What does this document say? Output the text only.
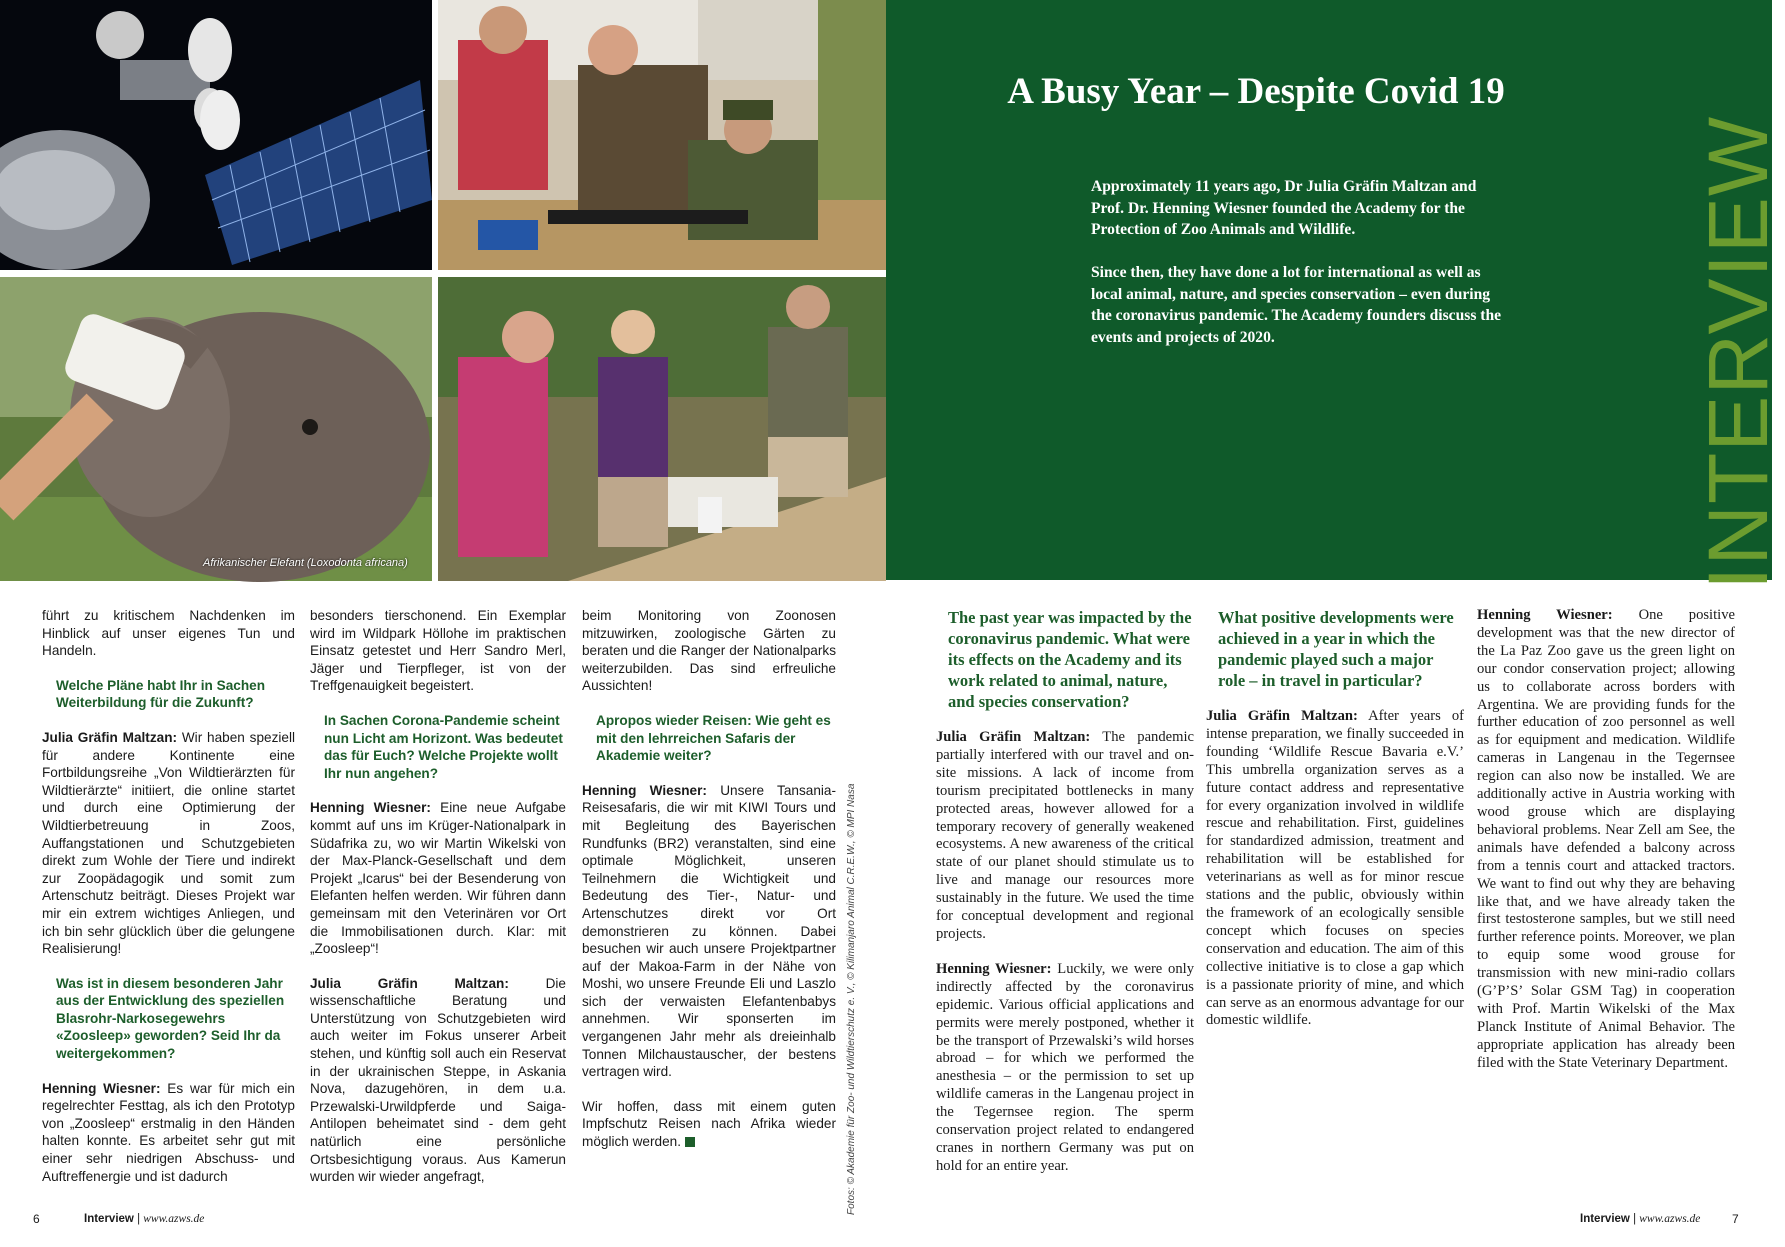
Afrikanischer Elefant (Loxodonta africana)

führt zu kritischem Nachdenken im Hinblick auf unser eigenes Tun und Handeln.

Welche Pläne habt Ihr in Sachen Weiterbildung für die Zukunft?

Julia Gräfin Maltzan: Wir haben speziell für andere Kontinente eine Fortbildungsreihe „Von Wildtierärzten für Wildtierärzte“ initiiert, die online startet und durch eine Optimierung der Wildtierbetreuung in Zoos, Auffangstationen und Schutzgebieten direkt zum Wohle der Tiere und indirekt zur Zoopädagogik und somit zum Artenschutz beiträgt. Dieses Projekt war mir ein extrem wichtiges Anliegen, und ich bin sehr glücklich über die gelungene Realisierung!

Was ist in diesem besonderen Jahr aus der Entwicklung des speziellen Blasrohr-Narkosegewehrs «Zoosleep» geworden? Seid Ihr da weitergekommen?

Henning Wiesner: Es war für mich ein regelrechter Festtag, als ich den Prototyp von „Zoosleep“ erstmalig in den Händen halten konnte. Es arbeitet sehr gut mit einer sehr niedrigen Abschuss- und Auftreffenergie und ist dadurch

besonders tierschonend. Ein Exemplar wird im Wildpark Höllohe im praktischen Einsatz getestet und Herr Sandro Merl, Jäger und Tierpfleger, ist von der Treffgenauigkeit begeistert.

In Sachen Corona-Pandemie scheint nun Licht am Horizont. Was bedeutet das für Euch? Welche Projekte wollt Ihr nun angehen?

Henning Wiesner: Eine neue Aufgabe kommt auf uns im Krüger-Nationalpark in Südafrika zu, wo wir Martin Wikelski von der Max-Planck-Gesellschaft und dem Projekt „Icarus“ bei der Besenderung von Elefanten helfen werden. Wir führen dann gemeinsam mit den Veterinären vor Ort die Immobilisationen durch. Klar: mit „Zoosleep“!

Julia Gräfin Maltzan: Die wissenschaftliche Beratung und Unterstützung von Schutzgebieten wird auch weiter im Fokus unserer Arbeit stehen, und künftig soll auch ein Reservat in der ukrainischen Steppe, in Askania Nova, dazugehören, in dem u.a. Przewalski-Urwildpferde und Saiga-Antilopen beheimatet sind - dem geht natürlich eine persönliche Ortsbesichtigung voraus. Aus Kamerun wurden wir wieder angefragt,

beim Monitoring von Zoonosen mitzuwirken, zoologische Gärten zu beraten und die Ranger der Nationalparks weiterzubilden. Das sind erfreuliche Aussichten!

Apropos wieder Reisen: Wie geht es mit den lehrreichen Safaris der Akademie weiter?

Henning Wiesner: Unsere Tansania-Reisesafaris, die wir mit KIWI Tours und mit Begleitung des Bayerischen Rundfunks (BR2) veranstalten, sind eine optimale Möglichkeit, unseren Teilnehmern die Wichtigkeit und Bedeutung des Tier-, Natur- und Artenschutzes direkt vor Ort demonstrieren zu können. Dabei besuchen wir auch unsere Projektpartner auf der Makoa-Farm in der Nähe von Moshi, wo unsere Freunde Eli und Laszlo sich der verwaisten Elefantenbabys annehmen. Wir sponserten im vergangenen Jahr mehr als dreieinhalb Tonnen Milchaustauscher, der bestens vertragen wird.

Wir hoffen, dass mit einem guten Impfschutz Reisen nach Afrika wieder möglich werden.	Fotos: © Akademie für Zoo- und Wildtierschutz e. V., © Kilimanjaro Animal C.R.E.W., © MPI Nasa
6	Interview | www.azws.de
A Busy Year – Despite Covid 19

Approximately 11 years ago, Dr Julia Gräfin Maltzan and Prof. Dr. Henning Wiesner founded the Academy for the Protection of Zoo Animals and Wildlife.

Since then, they have done a lot for international as well as local animal, nature, and species conservation – even during the coronavirus pandemic. The Academy founders discuss the events and projects of 2020.	INTERVIEW

The past year was impacted by the coronavirus pandemic. What were its effects on the Academy and its work related to animal, nature, and species conservation?

Julia Gräfin Maltzan: The pandemic partially interfered with our travel and on-site missions. A lack of income from tourism precipitated bottlenecks in many protected areas, however allowed for a temporary recovery of generally weakened ecosystems. A new awareness of the critical state of our planet should stimulate us to live and manage our resources more sustainably in the future. We used the time for conceptual development and regional projects.

Henning Wiesner: Luckily, we were only indirectly affected by the coronavirus epidemic. Various official applications and permits were merely postponed, whether it be the transport of Przewalski’s wild horses abroad – for which we performed the anesthesia – or the permission to set up wildlife cameras in the Langenau project in the Tegernsee region. The sperm conservation project related to endangered cranes in northern Germany was put on hold for an entire year.

What positive developments were achieved in a year in which the pandemic played such a major role – in travel in particular?

Julia Gräfin Maltzan: After years of intense preparation, we finally succeeded in founding ‘Wildlife Rescue Bavaria e.V.’ This umbrella organization serves as a future contact address and representative for every organization involved in wildlife rescue and rehabilitation. First, guidelines for standardized admission, treatment and rehabilitation will be established for veterinarians as well as for minor rescue stations and the public, obviously within the framework of an ecologically sensible concept which focuses on species conservation and education. The aim of this collective initiative is to close a gap which is a passionate priority of mine, and which can serve as an enormous advantage for our domestic wildlife.

Henning Wiesner: One positive development was that the new director of the La Paz Zoo gave us the green light on our condor conservation project; allowing us to collaborate across borders with Argentina. We are providing funds for the further education of zoo personnel as well as for equipment and medication. Wildlife cameras in Langenau in the Tegernsee region can also now be installed. We are additionally active in Austria working with wood grouse which are displaying behavioral problems. Near Zell am See, the animals have defended a balcony across from a tennis court and attacked tractors. We want to find out why they are behaving like that, and we have already taken the first testosterone samples, but we still need further reference points. Moreover, we plan to equip some wood grouse for transmission with new mini-radio collars (G’P’S’ Solar GSM Tag) in cooperation with Prof. Martin Wikelski of the Max Planck Institute of Animal Behavior. The appropriate application has already been filed with the State Veterinary Department.

Interview | www.azws.de	7
